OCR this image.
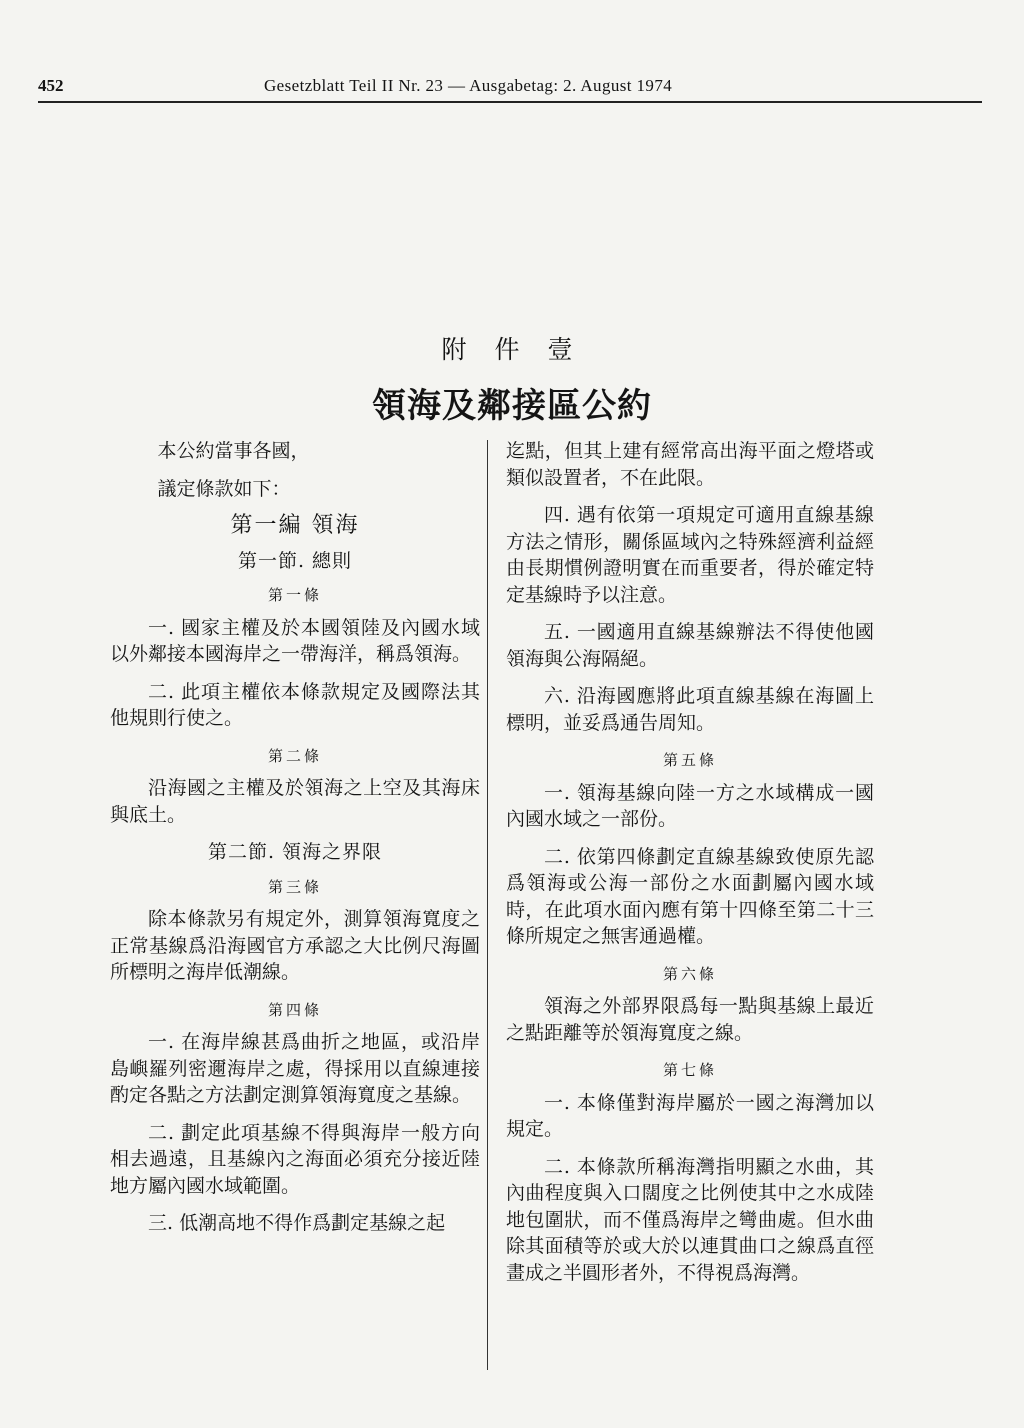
452	Gesetzblatt Teil II Nr. 23 — Ausgabetag: 2. August 1974
附 件 壹
領海及鄰接區公約

本公約當事各國，

議定條款如下：

第一編 領海
第一節. 總則
第一條

一. 國家主權及於本國領陸及內國水域以外鄰接本國海岸之一帶海洋，稱爲領海。

二. 此項主權依本條款規定及國際法其他規則行使之。

第二條

沿海國之主權及於領海之上空及其海床與底土。

第二節. 領海之界限
第三條

除本條款另有規定外，測算領海寬度之正常基線爲沿海國官方承認之大比例尺海圖所標明之海岸低潮線。

第四條

一. 在海岸線甚爲曲折之地區，或沿岸島嶼羅列密邇海岸之處，得採用以直線連接酌定各點之方法劃定測算領海寬度之基線。

二. 劃定此項基線不得與海岸一般方向相去過遠，且基線內之海面必須充分接近陸地方屬內國水域範圍。

三. 低潮高地不得作爲劃定基線之起

迄點，但其上建有經常高出海平面之燈塔或類似設置者，不在此限。

四. 遇有依第一項規定可適用直線基線方法之情形，關係區域內之特殊經濟利益經由長期慣例證明實在而重要者，得於確定特定基線時予以注意。

五. 一國適用直線基線辦法不得使他國領海與公海隔絕。

六. 沿海國應將此項直線基線在海圖上標明，並妥爲通告周知。

第五條

一. 領海基線向陸一方之水域構成一國內國水域之一部份。

二. 依第四條劃定直線基線致使原先認爲領海或公海一部份之水面劃屬內國水域時，在此項水面內應有第十四條至第二十三條所規定之無害通過權。

第六條

領海之外部界限爲每一點與基線上最近之點距離等於領海寬度之線。

第七條

一. 本條僅對海岸屬於一國之海灣加以規定。

二. 本條款所稱海灣指明顯之水曲，其內曲程度與入口闊度之比例使其中之水成陸地包圍狀，而不僅爲海岸之彎曲處。但水曲除其面積等於或大於以連貫曲口之線爲直徑畫成之半圓形者外，不得視爲海灣。
